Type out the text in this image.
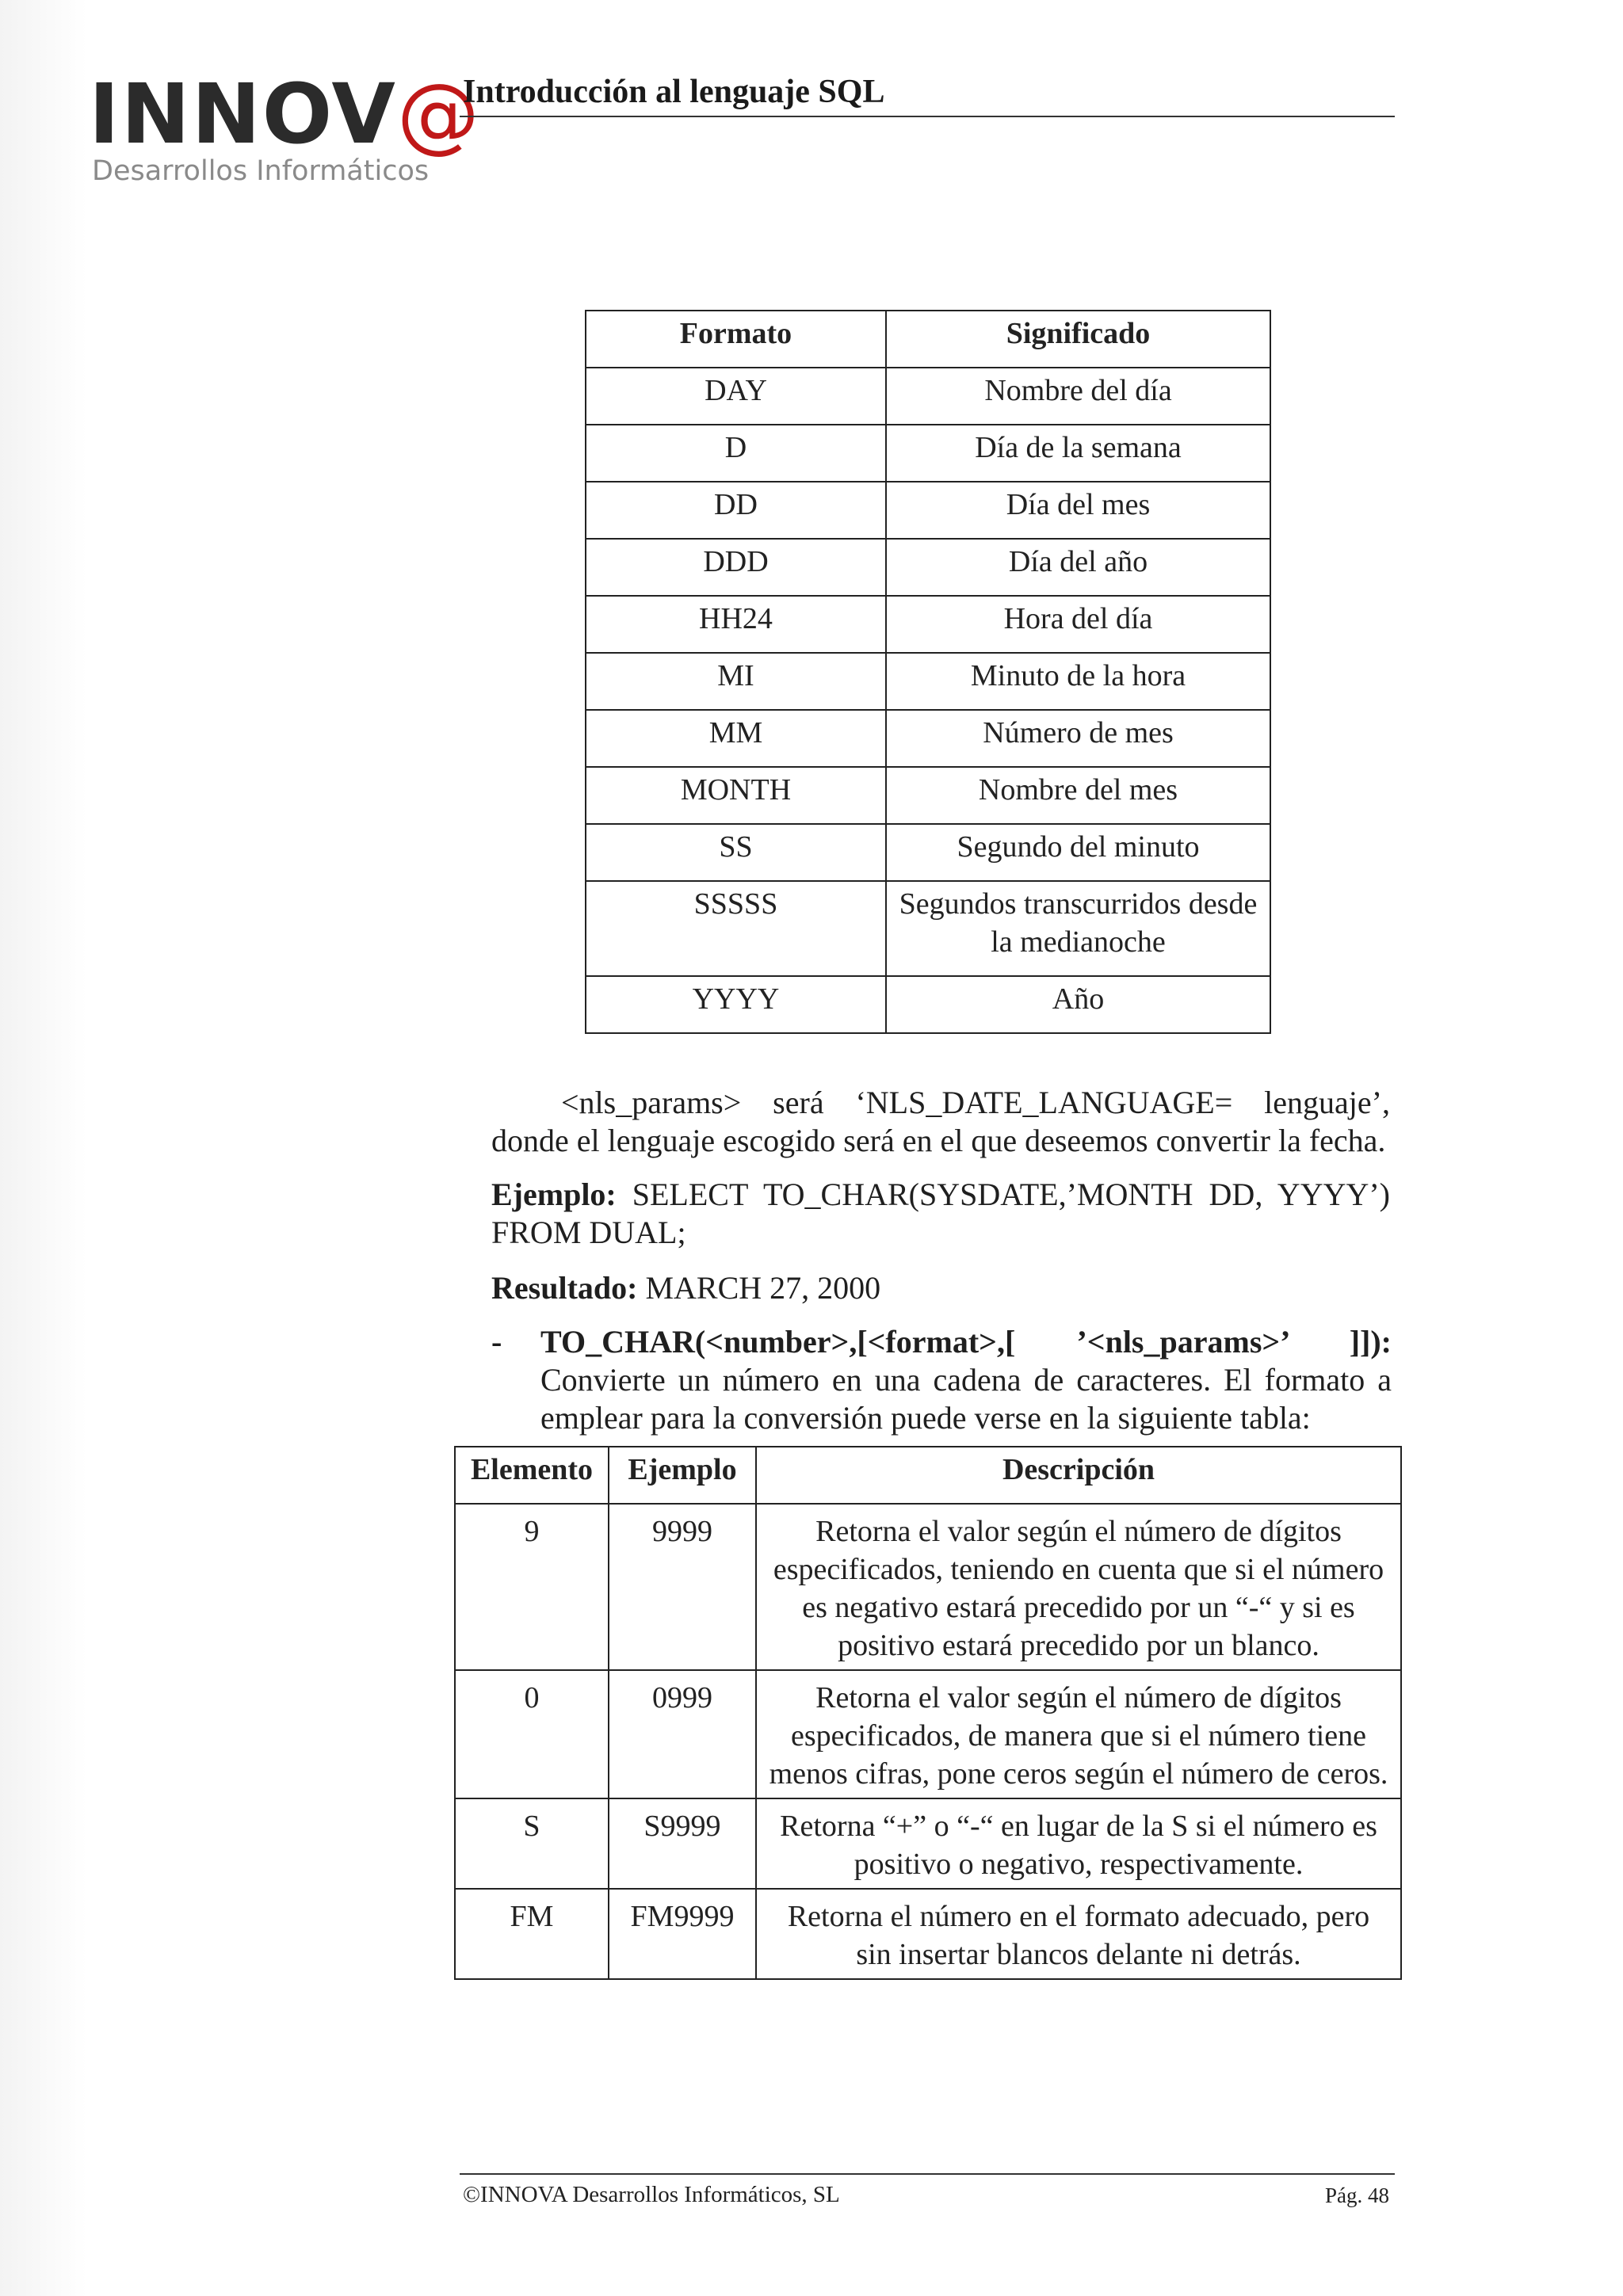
INNOV@
Desarrollos Informáticos
Introducción al lenguaje SQL
Formato	Significado
DAY	Nombre del día
D	Día de la semana
DD	Día del mes
DDD	Día del año
HH24	Hora del día
MI	Minuto de la hora
MM	Número de mes
MONTH	Nombre del mes
SS	Segundo del minuto
SSSSS	Segundos transcurridos desde la medianoche
YYYY	Año
<nls_params> será ‘NLS_DATE_LANGUAGE= lenguaje’, donde el lenguaje escogido será en el que deseemos convertir la fecha.
Ejemplo: SELECT TO_CHAR(SYSDATE,’MONTH DD, YYYY’) FROM DUAL;
Resultado: MARCH 27, 2000
- TO_CHAR(<number>,[<format>,[ ’<nls_params>’ ]]):
Convierte un número en una cadena de caracteres. El formato a emplear para la conversión puede verse en la siguiente tabla:
Elemento	Ejemplo	Descripción
9	9999	Retorna el valor según el número de dígitos especificados, teniendo en cuenta que si el número es negativo estará precedido por un “-“ y si es positivo estará precedido por un blanco.
0	0999	Retorna el valor según el número de dígitos especificados, de manera que si el número tiene menos cifras, pone ceros según el número de ceros.
S	S9999	Retorna “+” o “-“ en lugar de la S si el número es positivo o negativo, respectivamente.
FM	FM9999	Retorna el número en el formato adecuado, pero sin insertar blancos delante ni detrás.
©INNOVA Desarrollos Informáticos, SL	Pág. 48
